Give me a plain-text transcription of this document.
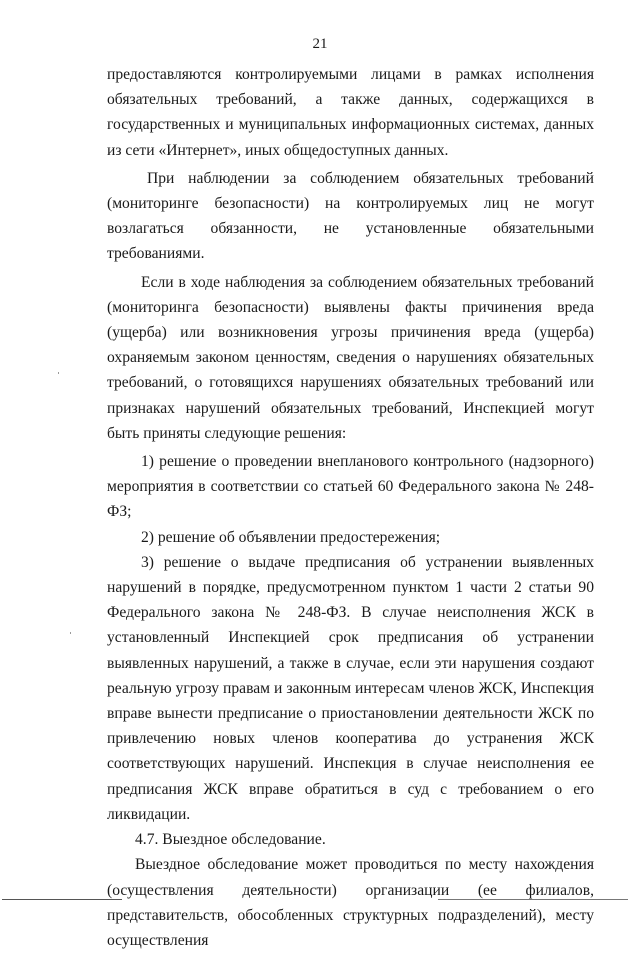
21

предоставляются контролируемыми лицами в рамках исполнения обязательных требований, а также данных, содержащихся в государственных и муниципальных информационных системах, данных из сети «Интернет», иных общедоступных данных.

При наблюдении за соблюдением обязательных требований (мониторинге безопасности) на контролируемых лиц не могут возлагаться обязанности, не установленные обязательными требованиями.

Если в ходе наблюдения за соблюдением обязательных требований (мониторинга безопасности) выявлены факты причинения вреда (ущерба) или возникновения угрозы причинения вреда (ущерба) охраняемым законом ценностям, сведения о нарушениях обязательных требований, о готовящихся нарушениях обязательных требований или признаках нарушений обязательных требований, Инспекцией могут быть приняты следующие решения:

1) решение о проведении внепланового контрольного (надзорного) мероприятия в соответствии со статьей 60 Федерального закона № 248-ФЗ;

2) решение об объявлении предостережения;

3) решение о выдаче предписания об устранении выявленных нарушений в порядке, предусмотренном пунктом 1 части 2 статьи 90 Федерального закона № 248-ФЗ. В случае неисполнения ЖСК в установленный Инспекцией срок предписания об устранении выявленных нарушений, а также в случае, если эти нарушения создают реальную угрозу правам и законным интересам членов ЖСК, Инспекция вправе вынести предписание о приостановлении деятельности ЖСК по привлечению новых членов кооператива до устранения ЖСК соответствующих нарушений. Инспекция в случае неисполнения ее предписания ЖСК вправе обратиться в суд с требованием о его ликвидации.

4.7. Выездное обследование.

Выездное обследование может проводиться по месту нахождения (осуществления деятельности) организации (ее филиалов, представительств, обособленных структурных подразделений), месту осуществления
